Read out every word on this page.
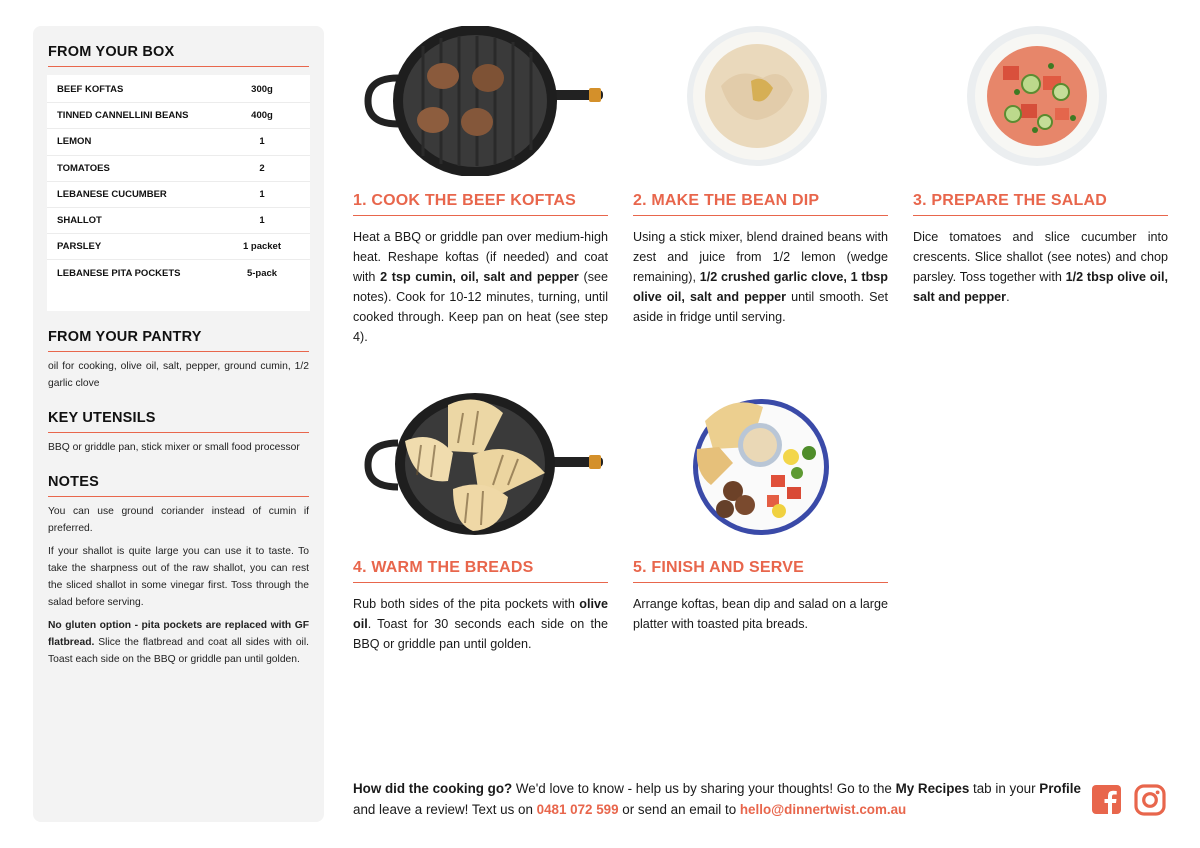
FROM YOUR BOX
BEEF KOFTAS	300g
TINNED CANNELLINI BEANS	400g
LEMON	1
TOMATOES	2
LEBANESE CUCUMBER	1
SHALLOT	1
PARSLEY	1 packet
LEBANESE PITA POCKETS	5-pack
FROM YOUR PANTRY

oil for cooking, olive oil, salt, pepper, ground cumin, 1/2 garlic clove

KEY UTENSILS

BBQ or griddle pan, stick mixer or small food processor

NOTES

You can use ground coriander instead of cumin if preferred.

If your shallot is quite large you can use it to taste. To take the sharpness out of the raw shallot, you can rest the sliced shallot in some vinegar first. Toss through the salad before serving.

No gluten option - pita pockets are replaced with GF flatbread. Slice the flatbread and coat all sides with oil. Toast each side on the BBQ or griddle pan until golden.

1. COOK THE BEEF KOFTAS
Heat a BBQ or griddle pan over medium-high heat. Reshape koftas (if needed) and coat with 2 tsp cumin, oil, salt and pepper (see notes). Cook for 10-12 minutes, turning, until cooked through. Keep pan on heat (see step 4).
2. MAKE THE BEAN DIP
Using a stick mixer, blend drained beans with zest and juice from 1/2 lemon (wedge remaining), 1/2 crushed garlic clove, 1 tbsp olive oil, salt and pepper until smooth. Set aside in fridge until serving.
3. PREPARE THE SALAD
Dice tomatoes and slice cucumber into crescents. Slice shallot (see notes) and chop parsley. Toss together with 1/2 tbsp olive oil, salt and pepper.
4. WARM THE BREADS
Rub both sides of the pita pockets with olive oil. Toast for 30 seconds each side on the BBQ or griddle pan until golden.
5. FINISH AND SERVE
Arrange koftas, bean dip and salad on a large platter with toasted pita breads.
How did the cooking go? We'd love to know - help us by sharing your thoughts! Go to the My Recipes tab in your Profile and leave a review! Text us on 0481 072 599 or send an email to hello@dinnertwist.com.au
